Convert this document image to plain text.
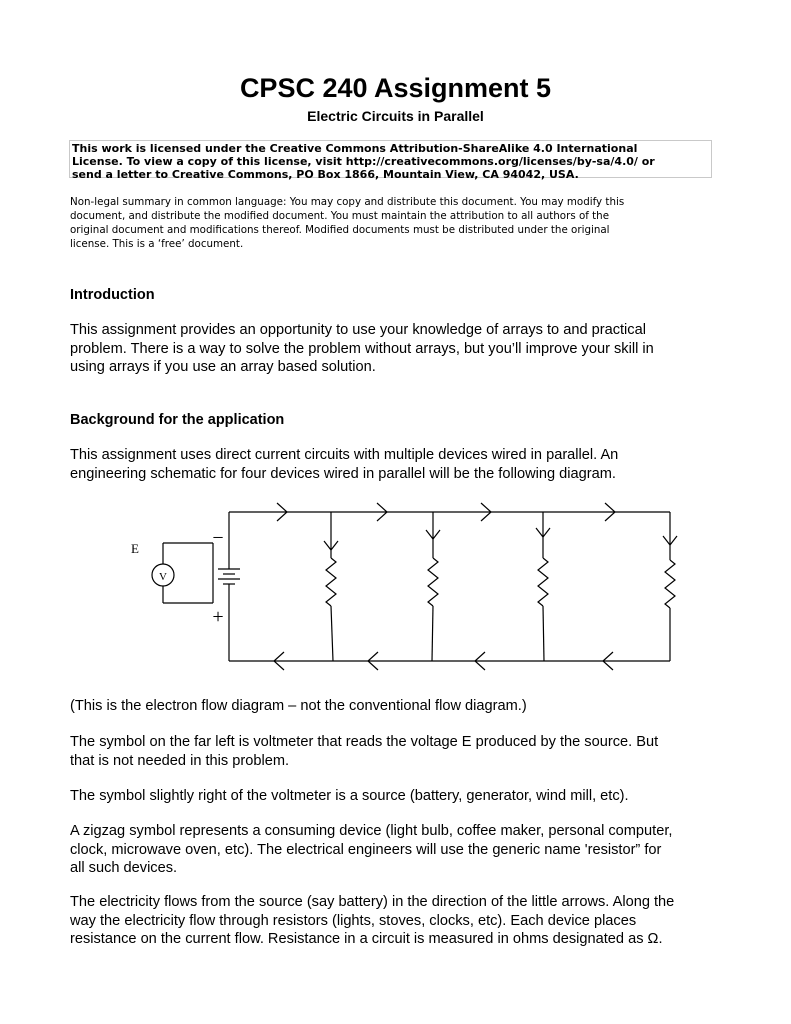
CPSC 240 Assignment 5
Electric Circuits in Parallel
This work is licensed under the Creative Commons Attribution-ShareAlike 4.0 International
License. To view a copy of this license, visit http://creativecommons.org/licenses/by-sa/4.0/ or
send a letter to Creative Commons, PO Box 1866, Mountain View, CA 94042, USA.
Non-legal summary in common language: You may copy and distribute this document. You may modify this
document, and distribute the modified document. You must maintain the attribution to all authors of the
original document and modifications thereof. Modified documents must be distributed under the original
license. This is a ‘free’ document.
Introduction
This assignment provides an opportunity to use your knowledge of arrays to and practical
problem. There is a way to solve the problem without arrays, but you’ll improve your skill in
using arrays if you use an array based solution.
Background for the application
This assignment uses direct current circuits with multiple devices wired in parallel. An
engineering schematic for four devices wired in parallel will be the following diagram.
E
V
−
+
(This is the electron flow diagram – not the conventional flow diagram.)
The symbol on the far left is voltmeter that reads the voltage E produced by the source. But
that is not needed in this problem.
The symbol slightly right of the voltmeter is a source (battery, generator, wind mill, etc).
A zigzag symbol represents a consuming device (light bulb, coffee maker, personal computer,
clock, microwave oven, etc). The electrical engineers will use the generic name 'resistor” for
all such devices.
The electricity flows from the source (say battery) in the direction of the little arrows. Along the
way the electricity flow through resistors (lights, stoves, clocks, etc). Each device places
resistance on the current flow. Resistance in a circuit is measured in ohms designated as Ω.
